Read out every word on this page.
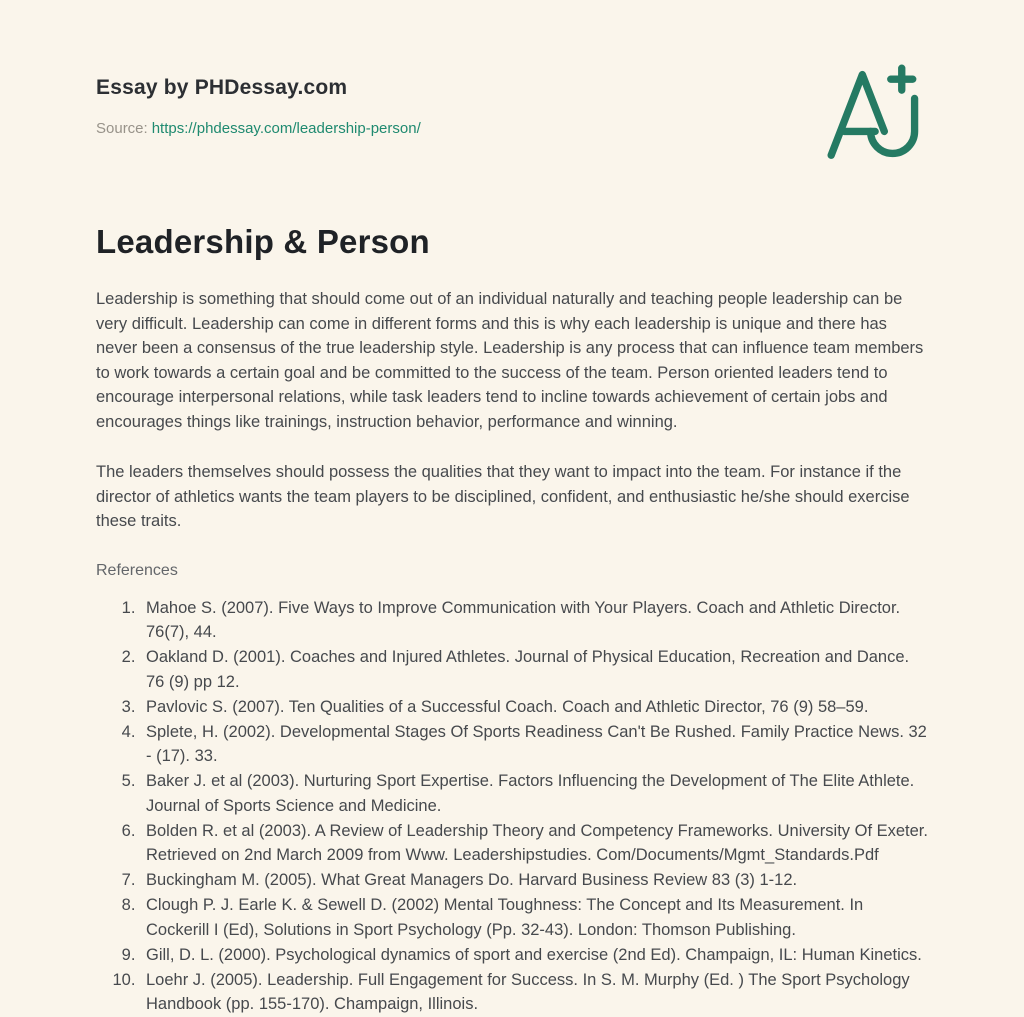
Essay by PHDessay.com
Source: https://phdessay.com/leadership-person/
Leadership & Person

Leadership is something that should come out of an individual naturally and teaching people leadership can be very difficult. Leadership can come in different forms and this is why each leadership is unique and there has never been a consensus of the true leadership style. Leadership is any process that can influence team members to work towards a certain goal and be committed to the success of the team. Person oriented leaders tend to encourage interpersonal relations, while task leaders tend to incline towards achievement of certain jobs and encourages things like trainings, instruction behavior, performance and winning.

The leaders themselves should possess the qualities that they want to impact into the team. For instance if the director of athletics wants the team players to be disciplined, confident, and enthusiastic he/she should exercise these traits.

References
1. Mahoe S. (2007). Five Ways to Improve Communication with Your Players. Coach and Athletic Director. 76(7), 44.
2. Oakland D. (2001). Coaches and Injured Athletes. Journal of Physical Education, Recreation and Dance. 76 (9) pp 12.
3. Pavlovic S. (2007). Ten Qualities of a Successful Coach. Coach and Athletic Director, 76 (9) 58–59.
4. Splete, H. (2002). Developmental Stages Of Sports Readiness Can't Be Rushed. Family Practice News. 32 - (17). 33.
5. Baker J. et al (2003). Nurturing Sport Expertise. Factors Influencing the Development of The Elite Athlete. Journal of Sports Science and Medicine.
6. Bolden R. et al (2003). A Review of Leadership Theory and Competency Frameworks. University Of Exeter. Retrieved on 2nd March 2009 from Www. Leadershipstudies. Com/Documents/Mgmt_Standards.Pdf
7. Buckingham M. (2005). What Great Managers Do. Harvard Business Review 83 (3) 1-12.
8. Clough P. J. Earle K. & Sewell D. (2002) Mental Toughness: The Concept and Its Measurement. In Cockerill I (Ed), Solutions in Sport Psychology (Pp. 32-43). London: Thomson Publishing.
9. Gill, D. L. (2000). Psychological dynamics of sport and exercise (2nd Ed). Champaign, IL: Human Kinetics.
10. Loehr J. (2005). Leadership. Full Engagement for Success. In S. M. Murphy (Ed. ) The Sport Psychology Handbook (pp. 155-170). Champaign, Illinois.
